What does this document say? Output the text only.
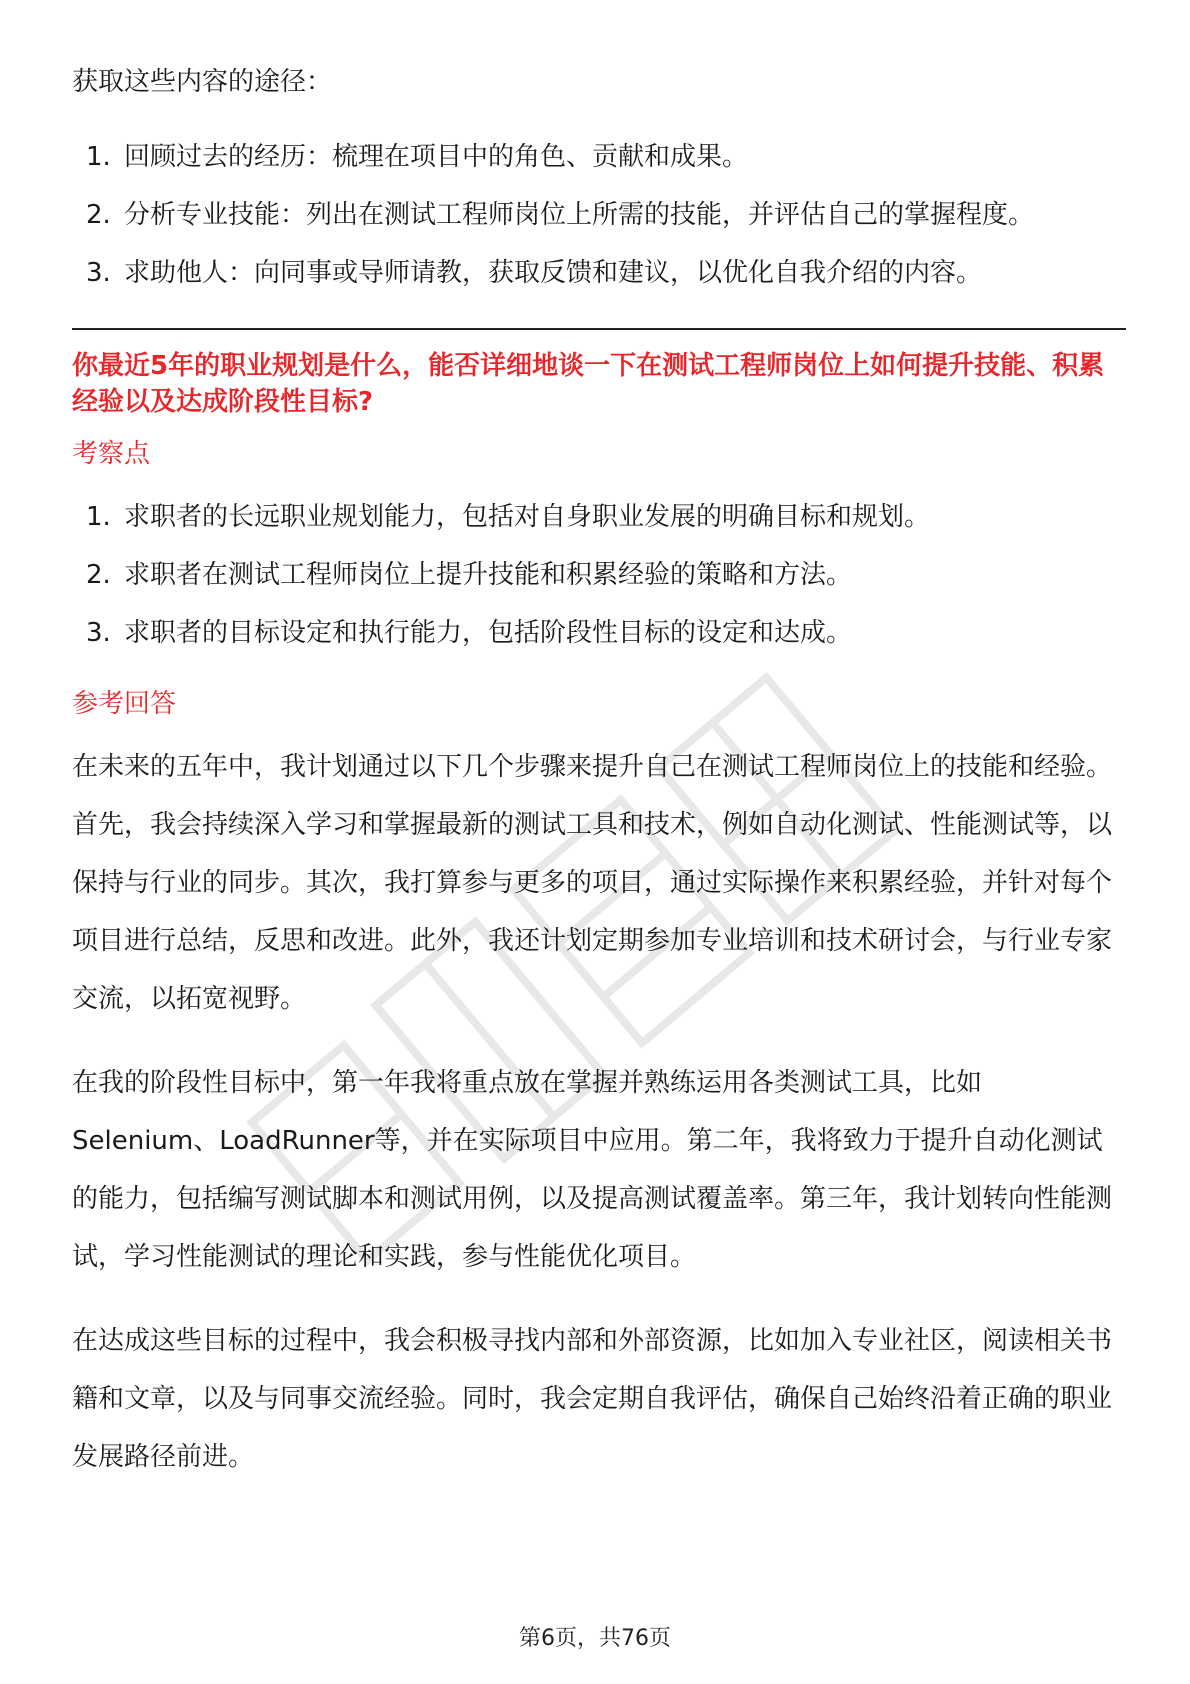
获取这些内容的途径：

1. 回顾过去的经历：梳理在项目中的角色、贡献和成果。
2. 分析专业技能：列出在测试工程师岗位上所需的技能，并评估自己的掌握程度。
3. 求助他人：向同事或导师请教，获取反馈和建议，以优化自我介绍的内容。

你最近5年的职业规划是什么，能否详细地谈一下在测试工程师岗位上如何提升技能、积累经验以及达成阶段性目标?

考察点

1. 求职者的长远职业规划能力，包括对自身职业发展的明确目标和规划。
2. 求职者在测试工程师岗位上提升技能和积累经验的策略和方法。
3. 求职者的目标设定和执行能力，包括阶段性目标的设定和达成。

参考回答

在未来的五年中，我计划通过以下几个步骤来提升自己在测试工程师岗位上的技能和经验。首先，我会持续深入学习和掌握最新的测试工具和技术，例如自动化测试、性能测试等，以保持与行业的同步。其次，我打算参与更多的项目，通过实际操作来积累经验，并针对每个项目进行总结，反思和改进。此外，我还计划定期参加专业培训和技术研讨会，与行业专家交流，以拓宽视野。

在我的阶段性目标中，第一年我将重点放在掌握并熟练运用各类测试工具，比如Selenium、LoadRunner等，并在实际项目中应用。第二年，我将致力于提升自动化测试的能力，包括编写测试脚本和测试用例，以及提高测试覆盖率。第三年，我计划转向性能测试，学习性能测试的理论和实践，参与性能优化项目。

在达成这些目标的过程中，我会积极寻找内部和外部资源，比如加入专业社区，阅读相关书籍和文章，以及与同事交流经验。同时，我会定期自我评估，确保自己始终沿着正确的职业发展路径前进。

第6页，共76页
